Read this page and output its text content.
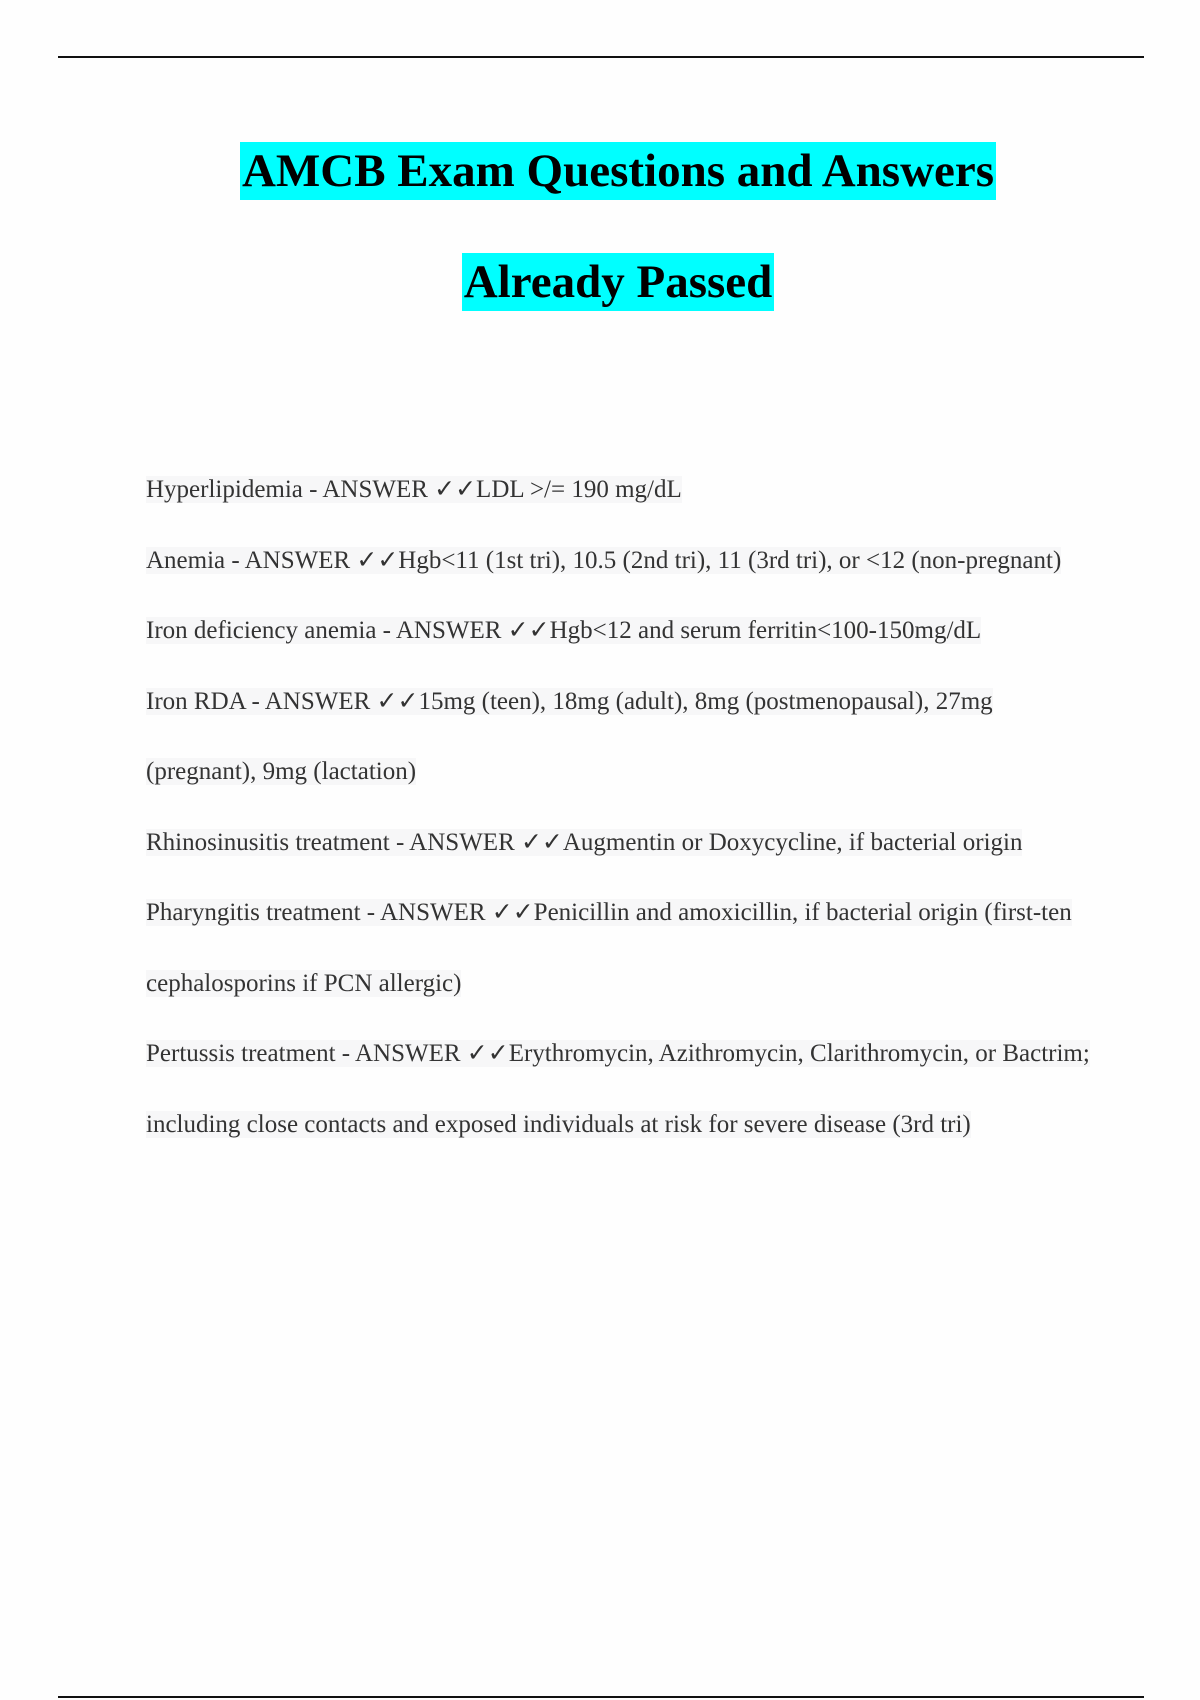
AMCB Exam Questions and Answers
Already Passed
Hyperlipidemia - ANSWER ✓✓LDL >/= 190 mg/dL
Anemia - ANSWER ✓✓Hgb<11 (1st tri), 10.5 (2nd tri), 11 (3rd tri), or <12 (non-pregnant)
Iron deficiency anemia - ANSWER ✓✓Hgb<12 and serum ferritin<100-150mg/dL
Iron RDA - ANSWER ✓✓15mg (teen), 18mg (adult), 8mg (postmenopausal), 27mg (pregnant), 9mg (lactation)
Rhinosinusitis treatment - ANSWER ✓✓Augmentin or Doxycycline, if bacterial origin
Pharyngitis treatment - ANSWER ✓✓Penicillin and amoxicillin, if bacterial origin (first-ten cephalosporins if PCN allergic)
Pertussis treatment - ANSWER ✓✓Erythromycin, Azithromycin, Clarithromycin, or Bactrim; including close contacts and exposed individuals at risk for severe disease (3rd tri)
